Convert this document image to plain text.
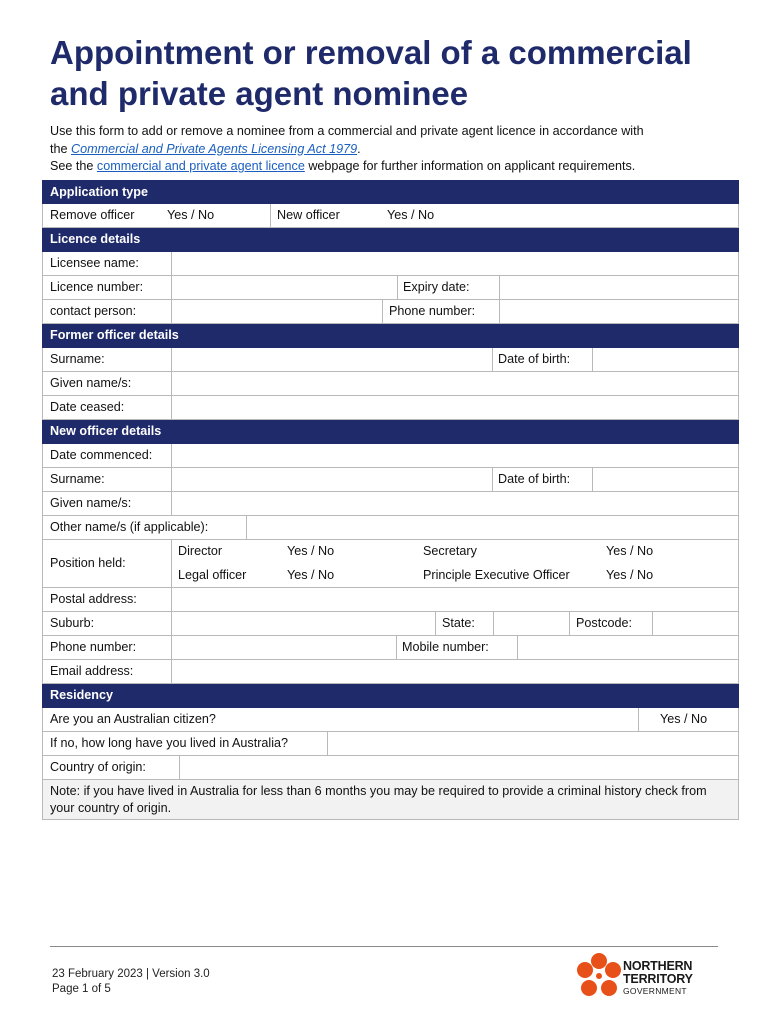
Appointment or removal of a commercial
and private agent nominee

Use this form to add or remove a nominee from a commercial and private agent licence in accordance with

the Commercial and Private Agents Licensing Act 1979.

See the commercial and private agent licence webpage for further information on applicant requirements.

Application type
Remove officer	Yes / No	New officer	Yes / No
Licence details
Licensee name:
Licence number:	Expiry date:
contact person:	Phone number:
Former officer details
Surname:	Date of birth:
Given name/s:
Date ceased:
New officer details
Date commenced:
Surname:	Date of birth:
Given name/s:
Other name/s (if applicable):
Position held:
Director	Yes / No	Secretary	Yes / No
Legal officer	Yes / No	Principle Executive Officer	Yes / No
Postal address:
Suburb:	State:	Postcode:
Phone number:	Mobile number:
Email address:
Residency
Are you an Australian citizen?	Yes / No
If no, how long have you lived in Australia?
Country of origin:
Note: if you have lived in Australia for less than 6 months you may be required to provide a criminal history check from your country of origin.
23 February 2023 | Version 3.0
Page 1 of 5
NORTHERN
TERRITORY
GOVERNMENT
